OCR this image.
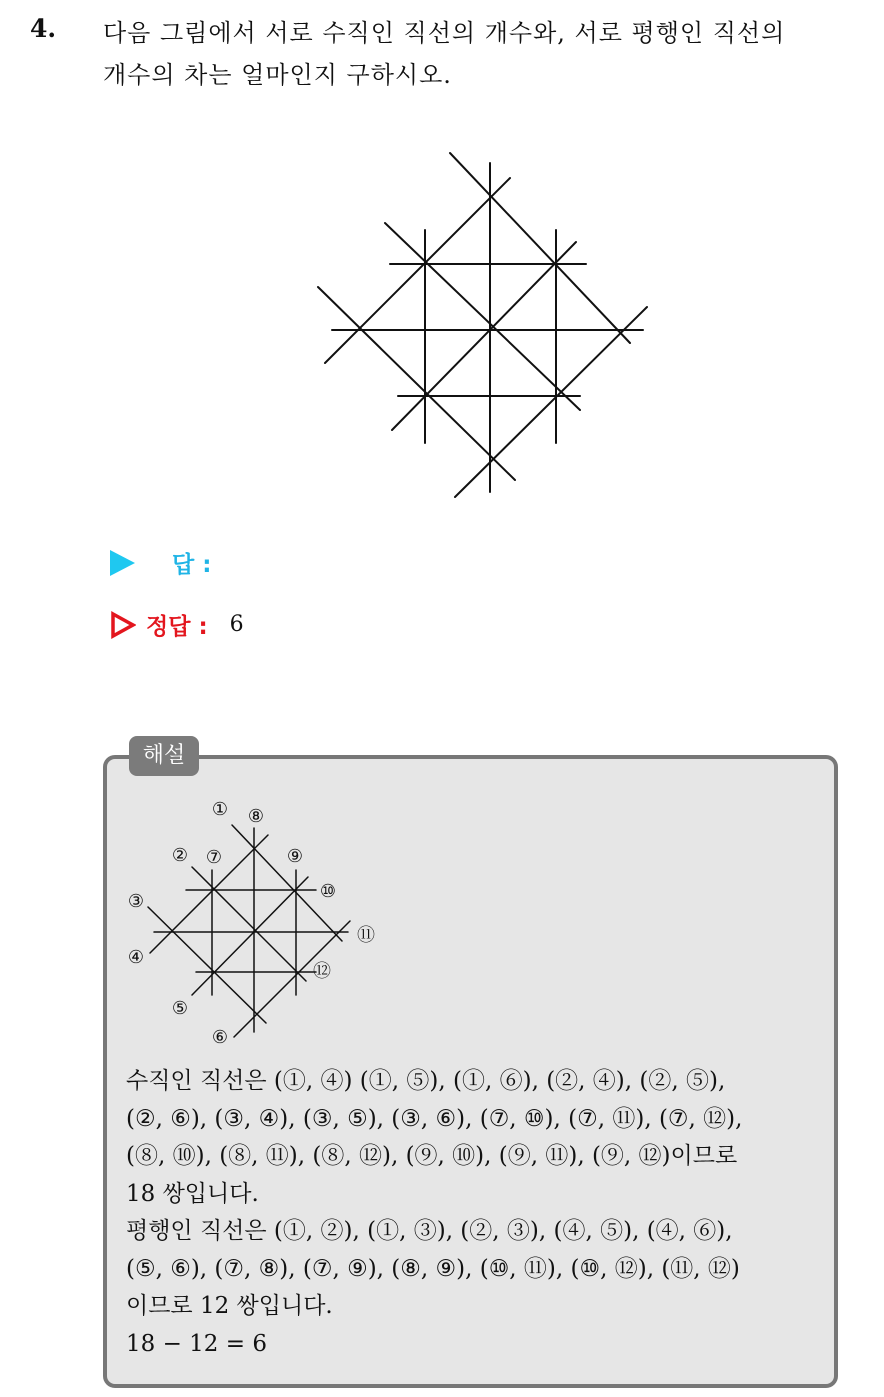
4. 다음 그림에서 서로 수직인 직선의 개수와, 서로 평행인 직선의
개수의 차는 얼마인지 구하시오.
답 :
정답 : 6
해설
① ⑧
② ⑦	⑨
⑩
③
⑪
④
⑫
⑤
⑥
수직인 직선은 (①, ④) (①, ⑤), (①, ⑥), (②, ④), (②, ⑤),
(②, ⑥), (③, ④), (③, ⑤), (③, ⑥), (⑦, ⑩), (⑦, ⑪), (⑦, ⑫),
(⑧, ⑩), (⑧, ⑪), (⑧, ⑫), (⑨, ⑩), (⑨, ⑪), (⑨, ⑫)이므로
18 쌍입니다.
평행인 직선은 (①, ②), (①, ③), (②, ③), (④, ⑤), (④, ⑥),
(⑤, ⑥), (⑦, ⑧), (⑦, ⑨), (⑧, ⑨), (⑩, ⑪), (⑩, ⑫), (⑪, ⑫)
이므로 12 쌍입니다.
18 − 12 = 6
